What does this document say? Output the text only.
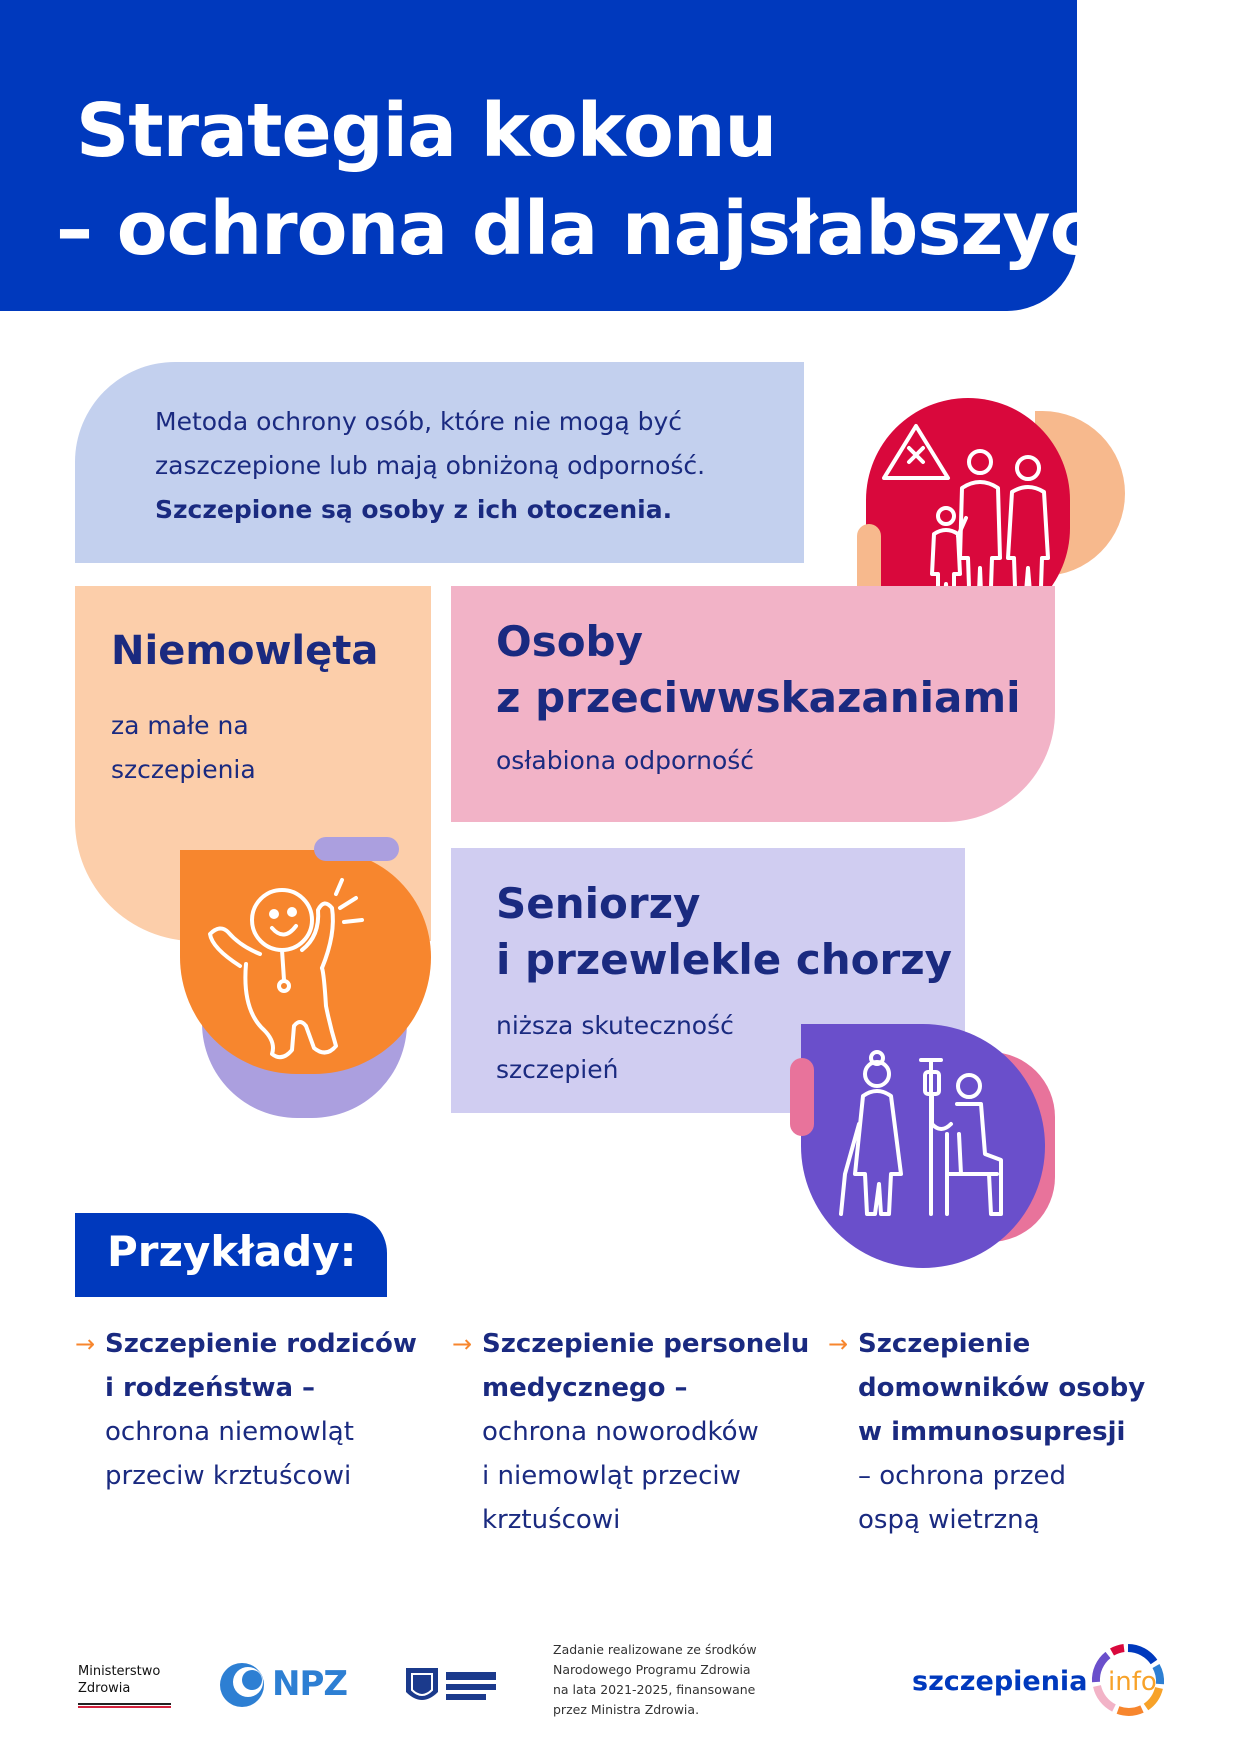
Strategia kokonu
– ochrona dla najsłabszych

Metoda ochrony osób, które nie mogą być

zaszczepione lub mają obniżoną odporność.

Szczepione są osoby z ich otoczenia.

Niemowlęta
za małe na
szczepienia
Osoby
z przeciwwskazaniami
osłabiona odporność
Seniorzy
i przewlekle chorzy
niższa skuteczność
szczepień
Przykłady:
→ Szczepienie rodziców
i rodzeństwa –
ochrona niemowląt
przeciw krztuścowi
→ Szczepienie personelu
medycznego –
ochrona noworodków
i niemowląt przeciw
krztuścowi
→ Szczepienie
domowników osoby
w immunosupresji
– ochrona przed
ospą wietrzną
Ministerstwo
Zdrowia	NPZ
Zadanie realizowane ze środków
Narodowego Programu Zdrowia
na lata 2021-2025, finansowane
przez Ministra Zdrowia.
szczepienia info
